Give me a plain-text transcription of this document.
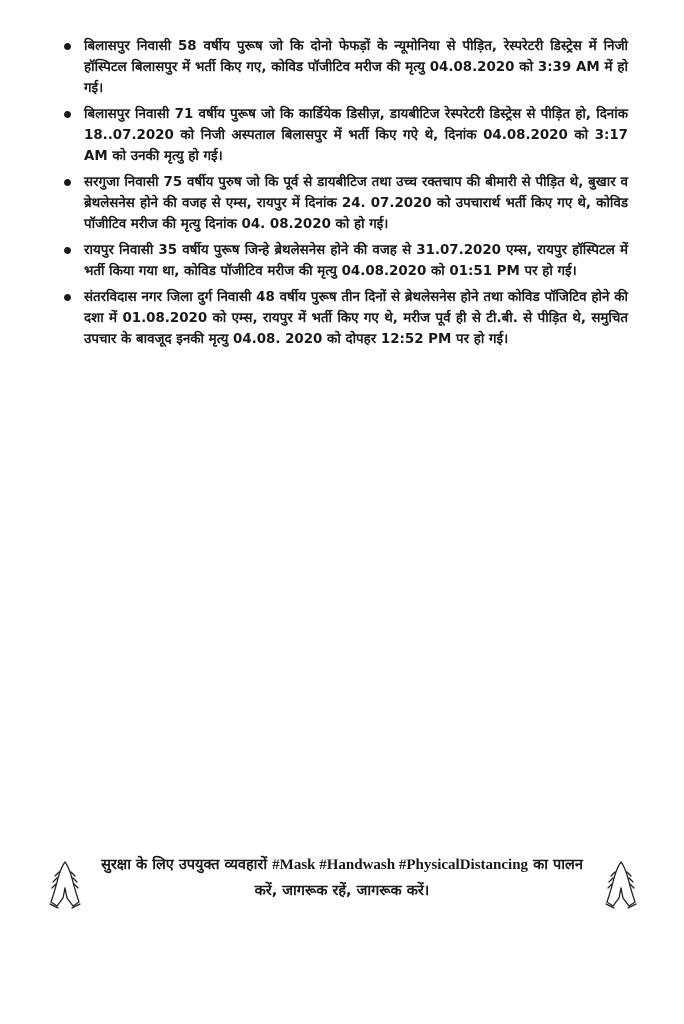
बिलासपुर निवासी 58 वर्षीय पुरूष जो कि दोनो फेफड़ों के न्यूमोनिया से पीड़ित, रेस्परेटरी डिस्ट्रेस में निजी हॉस्पिटल बिलासपुर में भर्ती किए गए, कोविड पॉजीटिव मरीज की मृत्यु 04.08.2020 को 3:39 AM में हो गई।
बिलासपुर निवासी 71 वर्षीय पुरूष जो कि कार्डियेक डिसीज़, डायबीटिज रेस्परेटरी डिस्ट्रेस से पीड़ित हो, दिनांक 18..07.2020 को निजी अस्पताल बिलासपुर में भर्ती किए गऐ थे, दिनांक 04.08.2020 को 3:17 AM को उनकी मृत्यु हो गई।
सरगुजा निवासी 75 वर्षीय पुरुष जो कि पूर्व से डायबीटिज तथा उच्च रक्तचाप की बीमारी से पीड़ित थे, बुखार व ब्रेथलेसनेस होने की वजह से एम्स, रायपुर में दिनांक 24. 07.2020 को उपचारार्थ भर्ती किए गए थे, कोविड पॉजीटिव मरीज की मृत्यु दिनांक 04. 08.2020 को हो गई।
रायपुर निवासी 35 वर्षीय पुरूष जिन्हे ब्रेथलेसनेस होने की वजह से 31.07.2020 एम्स, रायपुर हॉस्पिटल में भर्ती किया गया था, कोविड पॉजीटिव मरीज की मृत्यु 04.08.2020 को 01:51 PM पर हो गई।
संतरविदास नगर जिला दुर्ग निवासी 48 वर्षीय पुरूष तीन दिनों से ब्रेथलेसनेस होने तथा कोविड पॉजिटिव होने की दशा में 01.08.2020 को एम्स, रायपुर में भर्ती किए गए थे, मरीज पूर्व ही से टी.बी. से पीड़ित थे, समुचित उपचार के बावजूद इनकी मृत्यु 04.08. 2020 को दोपहर 12:52 PM पर हो गई।
सुरक्षा के लिए उपयुक्त व्यवहारों #Mask #Handwash #PhysicalDistancing का पालन करें, जागरूक रहें, जागरूक करें।
